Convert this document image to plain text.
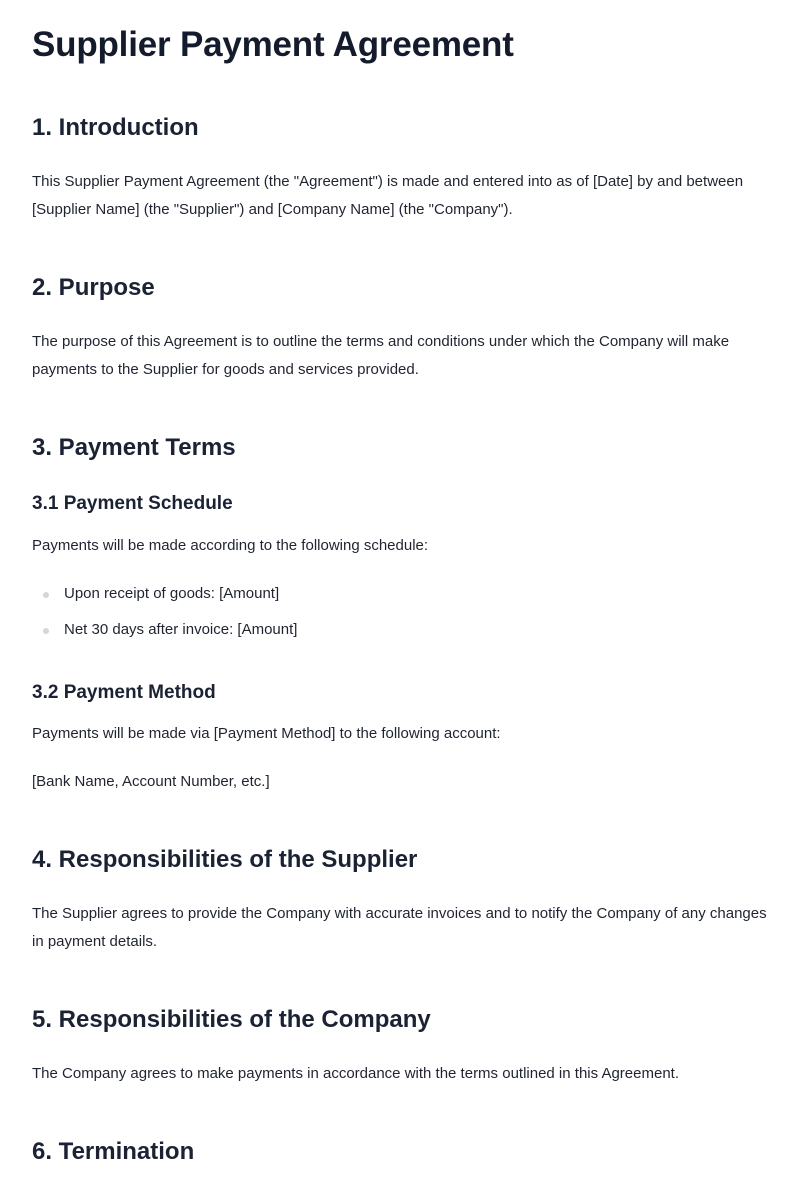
Supplier Payment Agreement
1. Introduction

This Supplier Payment Agreement (the "Agreement") is made and entered into as of [Date] by and between [Supplier Name] (the "Supplier") and [Company Name] (the "Company").

2. Purpose

The purpose of this Agreement is to outline the terms and conditions under which the Company will make payments to the Supplier for goods and services provided.

3. Payment Terms
3.1 Payment Schedule

Payments will be made according to the following schedule:

Upon receipt of goods: [Amount]
Net 30 days after invoice: [Amount]
3.2 Payment Method

Payments will be made via [Payment Method] to the following account:

[Bank Name, Account Number, etc.]

4. Responsibilities of the Supplier

The Supplier agrees to provide the Company with accurate invoices and to notify the Company of any changes in payment details.

5. Responsibilities of the Company

The Company agrees to make payments in accordance with the terms outlined in this Agreement.

6. Termination
